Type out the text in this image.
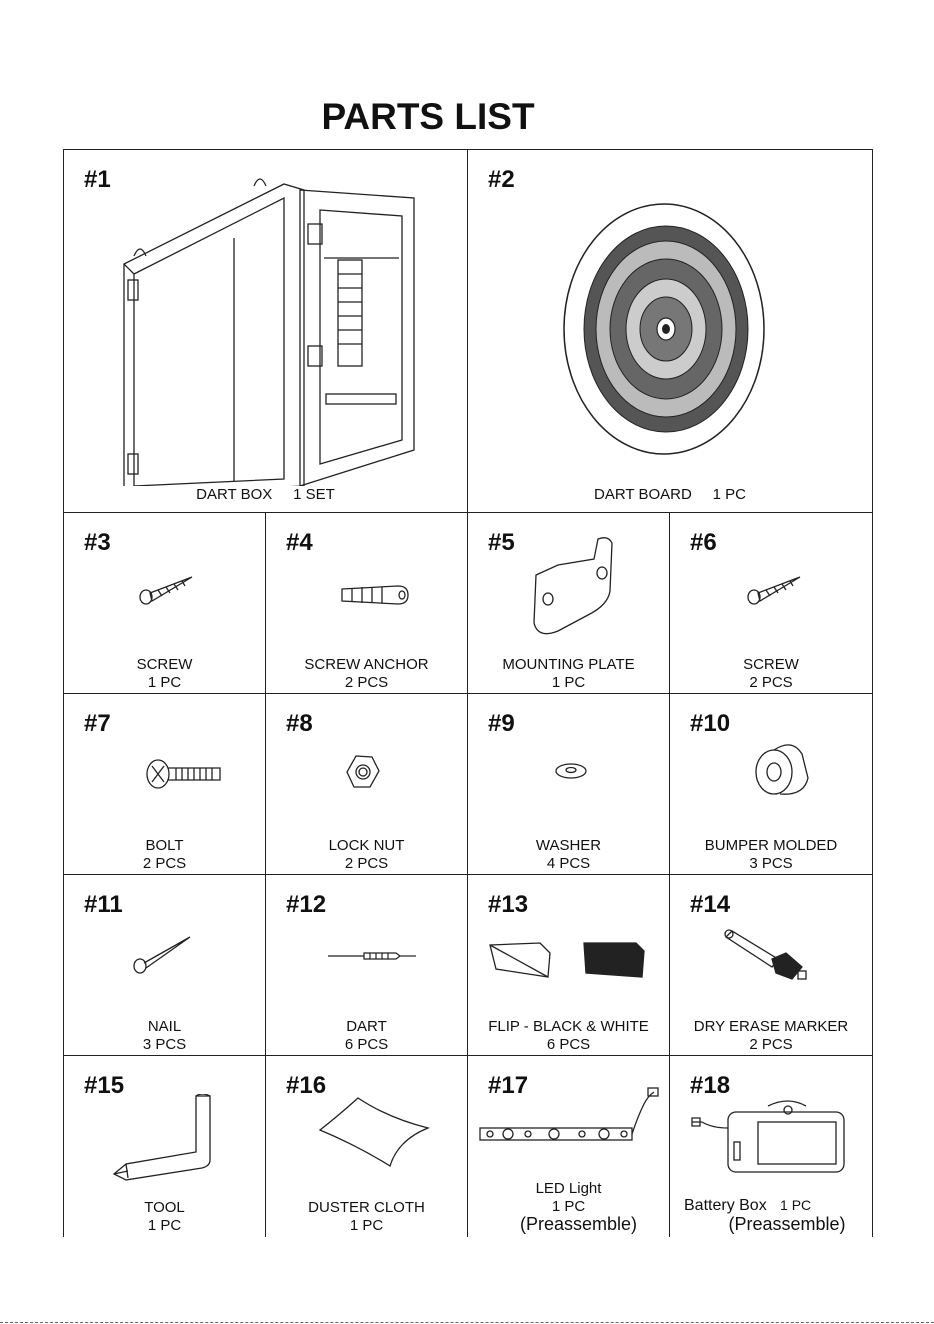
PARTS LIST
#1
DART BOX 1 SET
#2
DART BOARD 1 PC
#3
SCREW
1 PC
#4
SCREW ANCHOR
2 PCS
#5
MOUNTING PLATE
1 PC
#6
SCREW
2 PCS
#7
BOLT
2 PCS
#8
LOCK NUT
2 PCS
#9
WASHER
4 PCS
#10
BUMPER MOLDED
3 PCS
#11
NAIL
3 PCS
#12
DART
6 PCS
#13
FLIP - BLACK & WHITE
6 PCS
#14
DRY ERASE MARKER
2 PCS
#15
TOOL
1 PC
#16
DUSTER CLOTH
1 PC
#17
LED Light
1 PC
(Preassemble)
#18
Battery Box 1 PC
(Preassemble)
